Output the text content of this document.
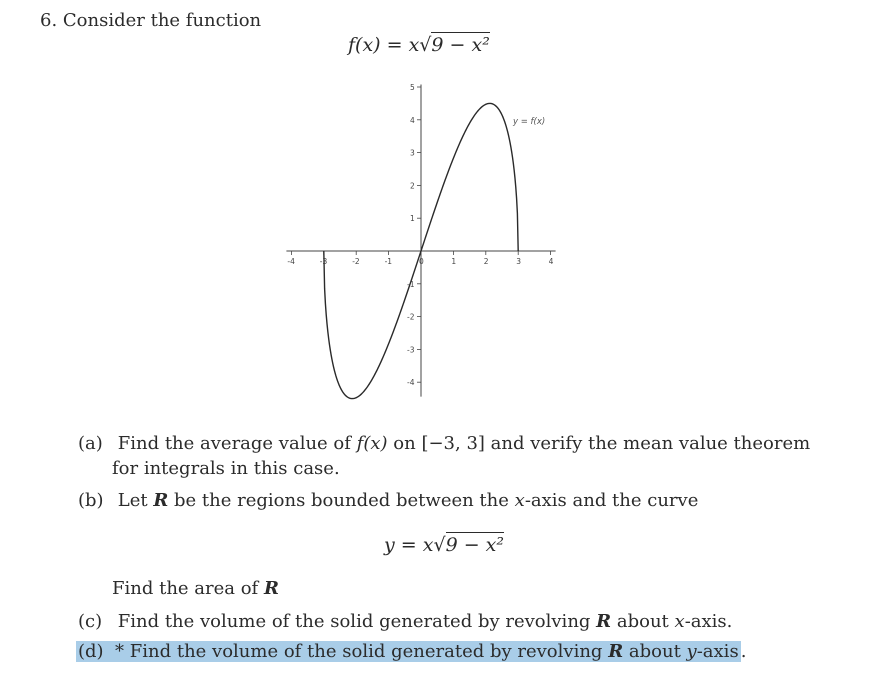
6. Consider the function
f(x) = x√9 − x²
-4	-3	-2	-1	0	1	2	3	4
5
4
3
2
1
-1
-2
-3
-4
y = f(x)
(a) Find the average value of f(x) on [−3, 3] and verify the mean value theorem
for integrals in this case.
(b) Let R be the regions bounded between the x-axis and the curve
y = x√9 − x²
Find the area of R
(c) Find the volume of the solid generated by revolving R about x-axis.
(d) * Find the volume of the solid generated by revolving R about y-axis .
